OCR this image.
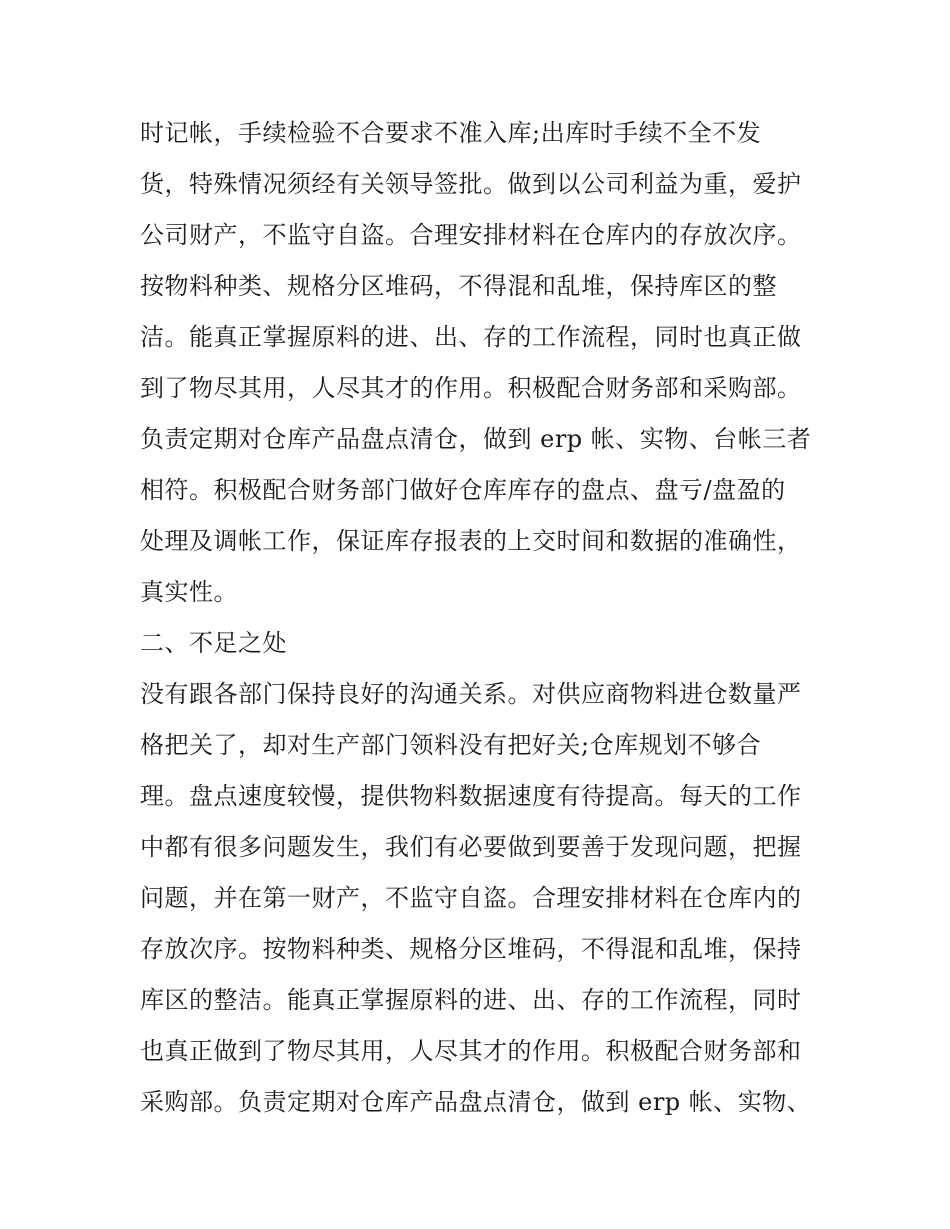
时记帐，手续检验不合要求不准入库;出库时手续不全不发
货，特殊情况须经有关领导签批。做到以公司利益为重，爱护
公司财产，不监守自盗。合理安排材料在仓库内的存放次序。
按物料种类、规格分区堆码，不得混和乱堆，保持库区的整
洁。能真正掌握原料的进、出、存的工作流程，同时也真正做
到了物尽其用，人尽其才的作用。积极配合财务部和采购部。
负责定期对仓库产品盘点清仓，做到 erp 帐、实物、台帐三者
相符。积极配合财务部门做好仓库库存的盘点、盘亏/盘盈的
处理及调帐工作，保证库存报表的上交时间和数据的准确性，
真实性。
二、不足之处
没有跟各部门保持良好的沟通关系。对供应商物料进仓数量严
格把关了，却对生产部门领料没有把好关;仓库规划不够合
理。盘点速度较慢，提供物料数据速度有待提高。每天的工作
中都有很多问题发生，我们有必要做到要善于发现问题，把握
问题，并在第一财产，不监守自盗。合理安排材料在仓库内的
存放次序。按物料种类、规格分区堆码，不得混和乱堆，保持
库区的整洁。能真正掌握原料的进、出、存的工作流程，同时
也真正做到了物尽其用，人尽其才的作用。积极配合财务部和
采购部。负责定期对仓库产品盘点清仓，做到 erp 帐、实物、
